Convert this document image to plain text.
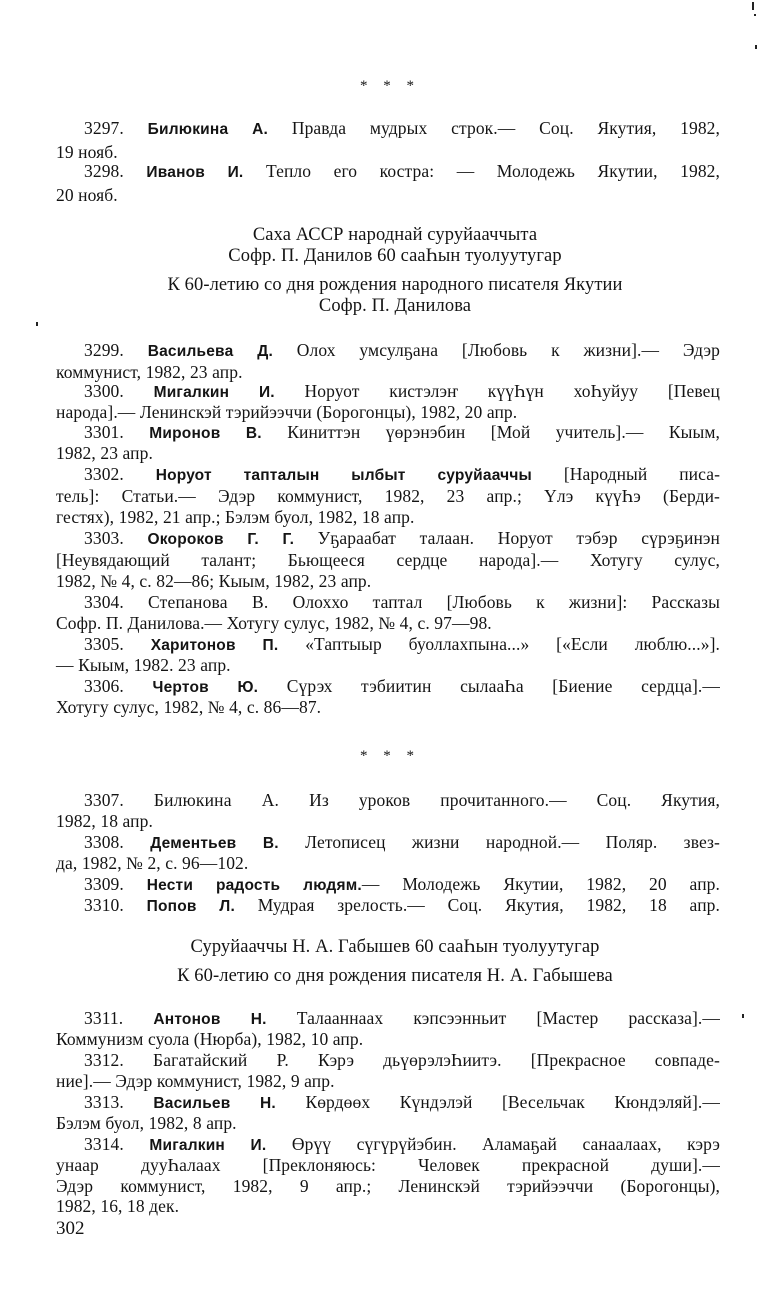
* * *
3297. Билюкина А. Правда мудрых строк.— Соц. Якутия, 1982,
19 нояб.
3298. Иванов И. Тепло его костра: — Молодежь Якутии, 1982,
20 нояб.
Саха АССР народнай суруйааччыта
Софр. П. Данилов 60 сааҺын туолуутугар
К 60-летию со дня рождения народного писателя Якутии
Софр. П. Данилова
3299. Васильева Д. Олох умсулҕана [Любовь к жизни].— Эдэр
коммунист, 1982, 23 апр.
3300. Мигалкин И. Норуот кистэлэҥ күүҺүн хоҺуйуу [Певец
народа].— Ленинскэй тэрийээччи (Борогонцы), 1982, 20 апр.
3301. Миронов В. Киниттэн үөрэнэбин [Мой учитель].— Кыым,
1982, 23 апр.
3302. Норуот тапталын ылбыт суруйааччы [Народный писа-
тель]: Статьи.— Эдэр коммунист, 1982, 23 апр.; Үлэ күүҺэ (Берди-
гестях), 1982, 21 апр.; Бэлэм буол, 1982, 18 апр.
3303. Окороков Г. Г. Уҕараабат талаан. Норуот тэбэр сүрэҕинэн
[Неувядающий талант; Бьющееся сердце народа].— Хотугу сулус,
1982, № 4, с. 82—86; Кыым, 1982, 23 апр.
3304. Степанова В. Олоххо таптал [Любовь к жизни]: Рассказы
Софр. П. Данилова.— Хотугу сулус, 1982, № 4, с. 97—98.
3305. Харитонов П. «Таптыыр буоллахпына...» [«Если люблю...»].
— Кыым, 1982. 23 апр.
3306. Чертов Ю. Сүрэх тэбиитин сылааҺа [Биение сердца].—
Хотугу сулус, 1982, № 4, с. 86—87.
* * *
3307. Билюкина А. Из уроков прочитанного.— Соц. Якутия,
1982, 18 апр.
3308. Дементьев В. Летописец жизни народной.— Поляр. звез-
да, 1982, № 2, с. 96—102.
3309. Нести радость людям.— Молодежь Якутии, 1982, 20 апр.
3310. Попов Л. Мудрая зрелость.— Соц. Якутия, 1982, 18 апр.
Суруйааччы Н. А. Габышев 60 сааҺын туолуутугар
К 60-летию со дня рождения писателя Н. А. Габышева
3311. Антонов Н. Талааннаах кэпсээнньит [Мастер рассказа].—
Коммунизм суола (Нюрба), 1982, 10 апр.
3312. Багатайский Р. Кэрэ дьүөрэлэҺиитэ. [Прекрасное совпаде-
ние].— Эдэр коммунист, 1982, 9 апр.
3313. Васильев Н. Көрдөөх Күндэлэй [Весельчак Кюндэляй].—
Бэлэм буол, 1982, 8 апр.
3314. Мигалкин И. Өрүү сүгүрүйэбин. Аламаҕай санаалаах, кэрэ
унаар дууҺалаах [Преклоняюсь: Человек прекрасной души].—
Эдэр коммунист, 1982, 9 апр.; Ленинскэй тэрийээччи (Борогонцы),
1982, 16, 18 дек.
302
